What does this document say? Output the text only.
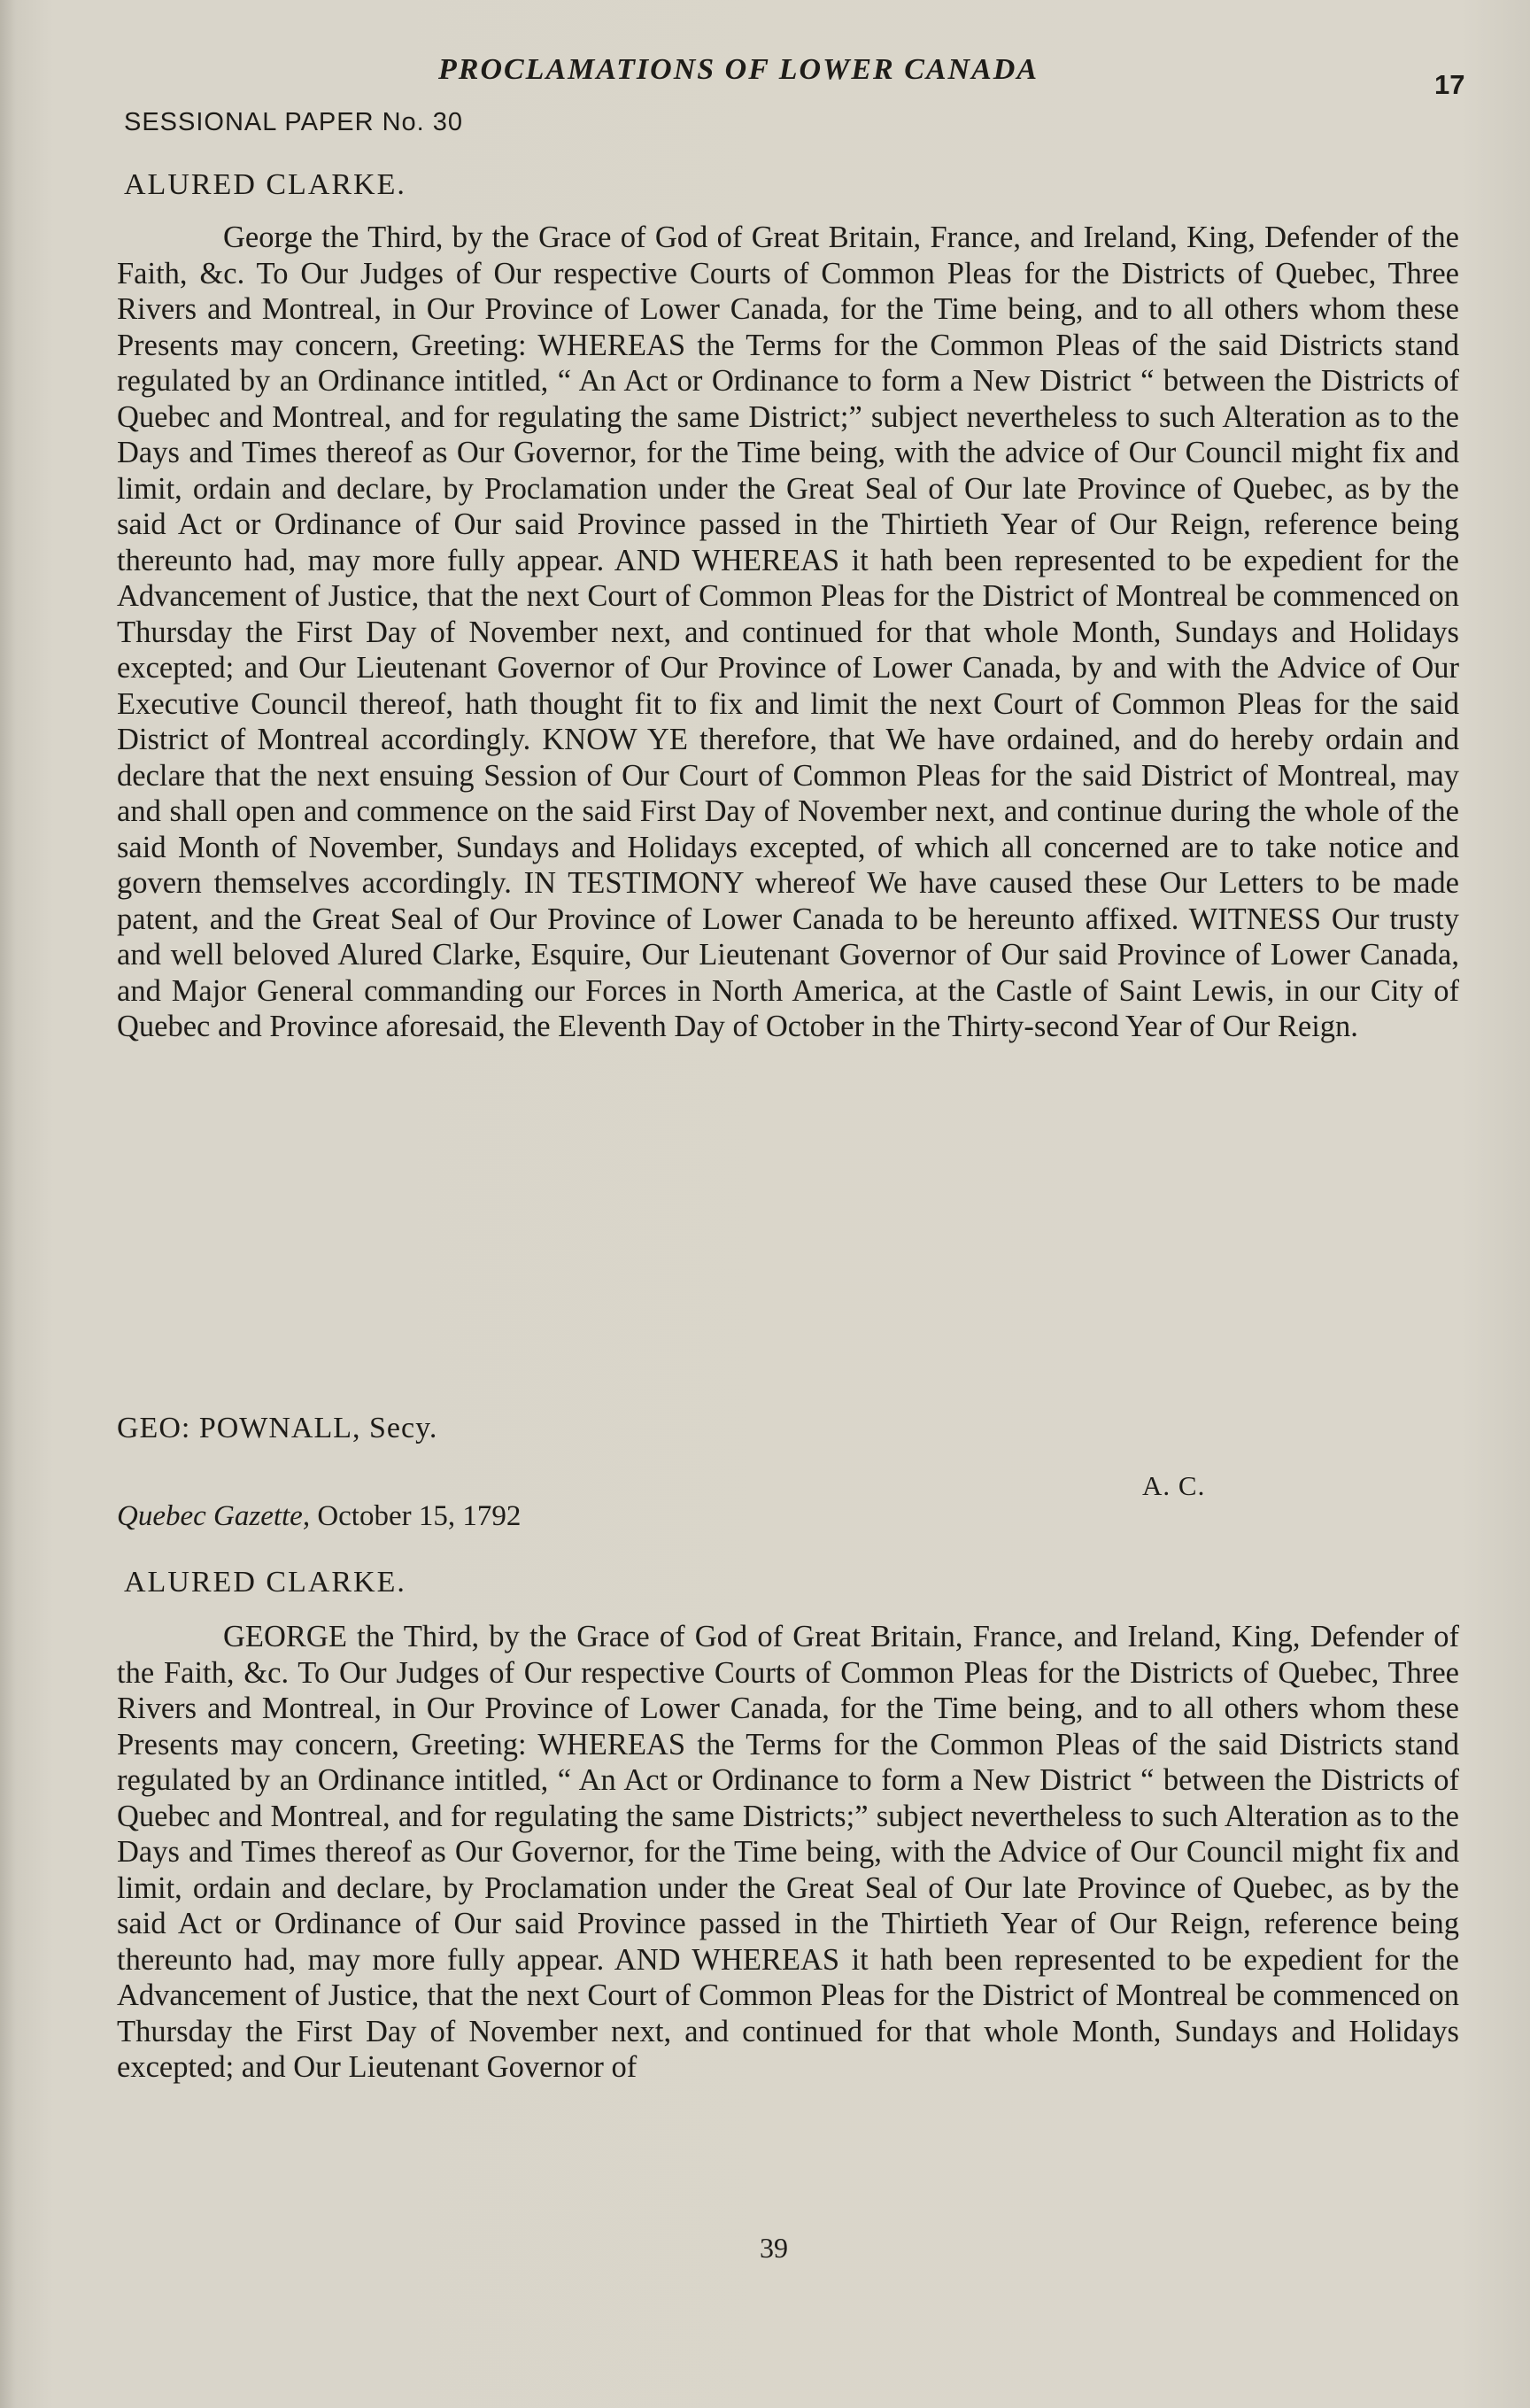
PROCLAMATIONS OF LOWER CANADA	17
SESSIONAL PAPER No. 30
ALURED CLARKE.

George the Third, by the Grace of God of Great Britain, France, and Ireland, King, Defender of the Faith, &c. To Our Judges of Our respective Courts of Common Pleas for the Districts of Quebec, Three Rivers and Montreal, in Our Province of Lower Canada, for the Time being, and to all others whom these Presents may concern, Greeting: WHEREAS the Terms for the Common Pleas of the said Districts stand regulated by an Ordinance intitled, “ An Act or Ordinance to form a New District “ between the Districts of Quebec and Montreal, and for regulating the same District;” subject nevertheless to such Alteration as to the Days and Times thereof as Our Governor, for the Time being, with the advice of Our Council might fix and limit, ordain and declare, by Proclamation under the Great Seal of Our late Province of Quebec, as by the said Act or Ordinance of Our said Province passed in the Thirtieth Year of Our Reign, reference being thereunto had, may more fully appear. AND WHEREAS it hath been represented to be expedient for the Advancement of Justice, that the next Court of Common Pleas for the District of Montreal be commenced on Thursday the First Day of November next, and continued for that whole Month, Sundays and Holidays excepted; and Our Lieutenant Governor of Our Province of Lower Canada, by and with the Advice of Our Executive Council thereof, hath thought fit to fix and limit the next Court of Common Pleas for the said District of Montreal accordingly. KNOW YE therefore, that We have ordained, and do hereby ordain and declare that the next ensuing Session of Our Court of Common Pleas for the said District of Montreal, may and shall open and commence on the said First Day of November next, and continue during the whole of the said Month of November, Sundays and Holidays excepted, of which all concerned are to take notice and govern themselves accordingly. IN TESTIMONY whereof We have caused these Our Letters to be made patent, and the Great Seal of Our Province of Lower Canada to be hereunto affixed. WITNESS Our trusty and well beloved Alured Clarke, Esquire, Our Lieutenant Governor of Our said Province of Lower Canada, and Major General commanding our Forces in North America, at the Castle of Saint Lewis, in our City of Quebec and Province aforesaid, the Eleventh Day of October in the Thirty-second Year of Our Reign.

GEO: POWNALL, Secy.
A. C.
Quebec Gazette, October 15, 1792
ALURED CLARKE.

GEORGE the Third, by the Grace of God of Great Britain, France, and Ireland, King, Defender of the Faith, &c. To Our Judges of Our respective Courts of Common Pleas for the Districts of Quebec, Three Rivers and Montreal, in Our Province of Lower Canada, for the Time being, and to all others whom these Presents may concern, Greeting: WHEREAS the Terms for the Common Pleas of the said Districts stand regulated by an Ordinance intitled, “ An Act or Ordinance to form a New District “ between the Districts of Quebec and Montreal, and for regulating the same Districts;” subject nevertheless to such Alteration as to the Days and Times thereof as Our Governor, for the Time being, with the Advice of Our Council might fix and limit, ordain and declare, by Proclamation under the Great Seal of Our late Province of Quebec, as by the said Act or Ordinance of Our said Province passed in the Thirtieth Year of Our Reign, reference being thereunto had, may more fully appear. AND WHEREAS it hath been represented to be expedient for the Advancement of Justice, that the next Court of Common Pleas for the District of Montreal be commenced on Thursday the First Day of November next, and continued for that whole Month, Sundays and Holidays excepted; and Our Lieutenant Governor of

39
